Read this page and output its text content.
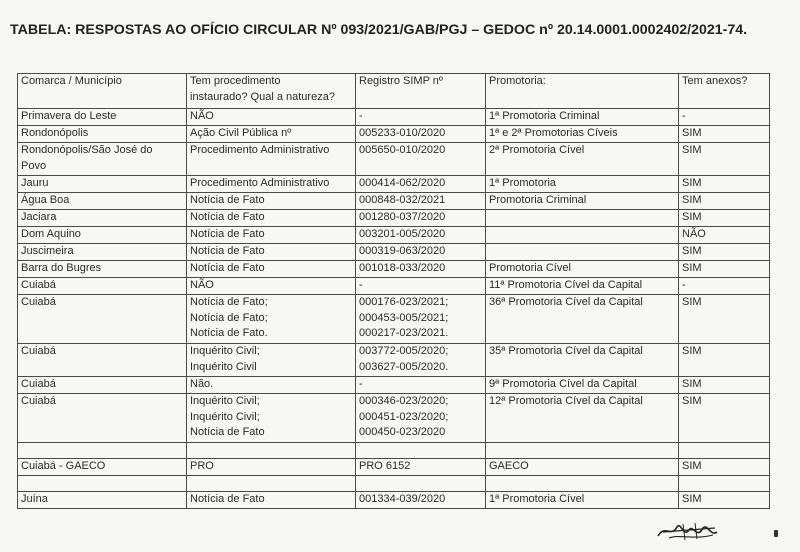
TABELA: RESPOSTAS AO OFÍCIO CIRCULAR Nº 093/2021/GAB/PGJ – GEDOC nº 20.14.0001.0002402/2021-74.
Comarca / Município	Tem procedimento
instaurado? Qual a natureza?	Registro SIMP nº	Promotoria:	Tem anexos?

Primavera do Leste	NÃO	-	1ª Promotoria Criminal	-

Rondonópolis	Ação Civil Pública nº	005233-010/2020	1ª e 2ª Promotorias Cíveis	SIM

Rondonópolis/São José do
Povo	Procedimento Administrativo	005650-010/2020	2ª Promotoria Cível	SIM

Jauru	Procedimento Administrativo	000414-062/2020	1ª Promotoria	SIM

Água Boa	Notícia de Fato	000848-032/2021	Promotoria Criminal	SIM

Jaciara	Notícia de Fato	001280-037/2020		SIM

Dom Aquino	Notícia de Fato	003201-005/2020		NÃO

Juscimeira	Notícia de Fato	000319-063/2020		SIM

Barra do Bugres	Notícia de Fato	001018-033/2020	Promotoria Cível	SIM

Cuiabá	NÃO	-	11ª Promotoria Cível da Capital	-

Cuiabá	Notícia de Fato;
Notícia de Fato;
Notícia de Fato.	000176-023/2021;
000453-005/2021;
000217-023/2021.	36ª Promotoria Cível da Capital	SIM

Cuiabá	Inquérito Civil;
Inquérito Civil	003772-005/2020;
003627-005/2020.	35ª Promotoria Cível da Capital	SIM

Cuiabá	Não.	-	9ª Promotoria Cível da Capital	SIM

Cuiabá	Inquérito Civil;
Inquérito Civil;
Notícia de Fato	000346-023/2020;
000451-023/2020;
000450-023/2020	12ª Promotoria Cível da Capital	SIM

Cuiabá - GAECO	PRO	PRO 6152	GAECO	SIM

Juína	Notícia de Fato	001334-039/2020	1ª Promotoria Cível	SIM
